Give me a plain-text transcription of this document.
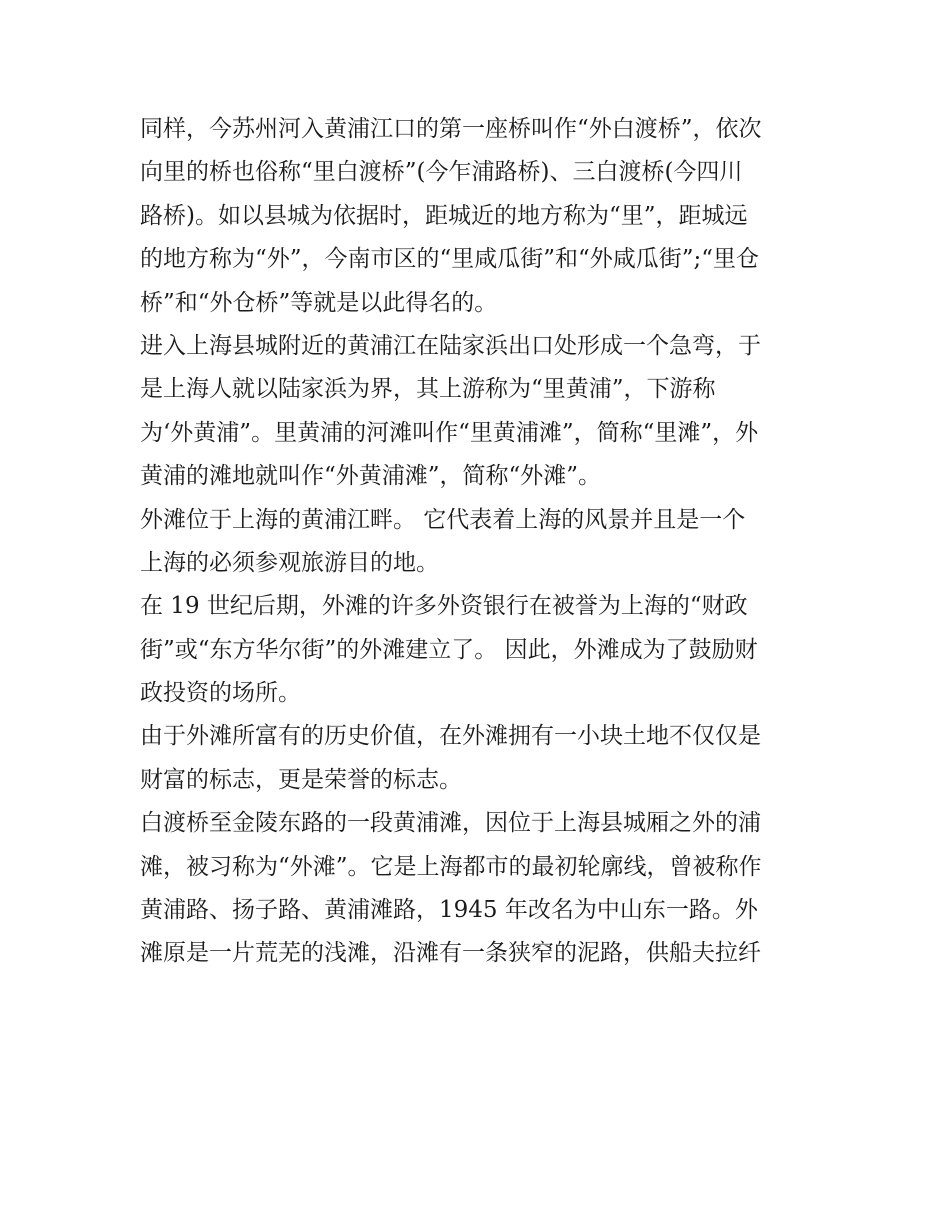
同样，今苏州河入黄浦江口的第一座桥叫作“外白渡桥”，依次
向里的桥也俗称“里白渡桥”(今乍浦路桥)、三白渡桥(今四川
路桥)。如以县城为依据时，距城近的地方称为“里”，距城远
的地方称为“外”，今南市区的“里咸瓜街”和“外咸瓜街”;“里仓
桥”和“外仓桥”等就是以此得名的。
进入上海县城附近的黄浦江在陆家浜出口处形成一个急弯，于
是上海人就以陆家浜为界，其上游称为“里黄浦”，下游称
为‘外黄浦”。里黄浦的河滩叫作“里黄浦滩”，简称“里滩”，外
黄浦的滩地就叫作“外黄浦滩”，简称“外滩”。
外滩位于上海的黄浦江畔。 它代表着上海的风景并且是一个
上海的必须参观旅游目的地。
在 19 世纪后期，外滩的许多外资银行在被誉为上海的“财政
街”或“东方华尔街”的外滩建立了。 因此，外滩成为了鼓励财
政投资的场所。
由于外滩所富有的历史价值，在外滩拥有一小块土地不仅仅是
财富的标志，更是荣誉的标志。
白渡桥至金陵东路的一段黄浦滩，因位于上海县城厢之外的浦
滩，被习称为“外滩”。它是上海都市的最初轮廓线，曾被称作
黄浦路、扬子路、黄浦滩路，1945 年改名为中山东一路。外
滩原是一片荒芜的浅滩，沿滩有一条狭窄的泥路，供船夫拉纤
